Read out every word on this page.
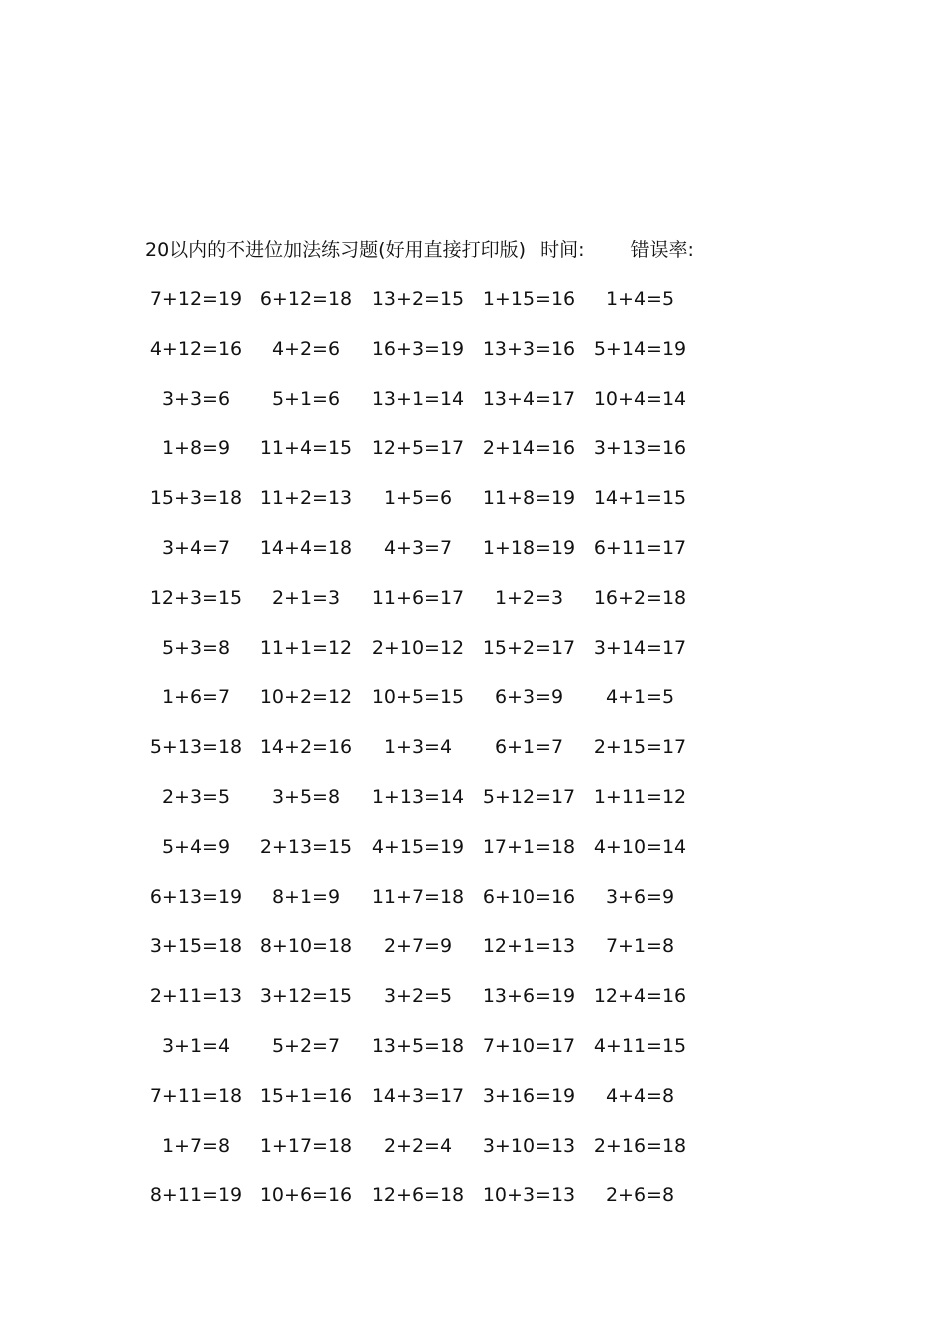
20以内的不进位加法练习题(好用直接打印版) 时间: 错误率:
7+12=19 6+12=18	13+2=15 1+15=16	1+4=5
4+12=16	4+2=6	16+3=19 13+3=16 5+14=19
3+3=6	5+1=6	13+1=14 13+4=17 10+4=14
1+8=9	11+4=15	12+5=17 2+14=16 3+13=16
15+3=18 11+2=13	1+5=6	11+8=19 14+1=15
3+4=7	14+4=18	4+3=7	1+18=19 6+11=17
12+3=15	2+1=3	11+6=17	1+2=3	16+2=18
5+3=8	11+1=12	2+10=12 15+2=17 3+14=17
1+6=7	10+2=12	10+5=15	6+3=9	4+1=5
5+13=18 14+2=16	1+3=4	6+1=7	2+15=17
2+3=5	3+5=8	1+13=14 5+12=17 1+11=12
5+4=9	2+13=15	4+15=19 17+1=18 4+10=14
6+13=19	8+1=9	11+7=18 6+10=16	3+6=9
3+15=18 8+10=18	2+7=9	12+1=13	7+1=8
2+11=13 3+12=15	3+2=5	13+6=19 12+4=16
3+1=4	5+2=7	13+5=18 7+10=17 4+11=15
7+11=18 15+1=16	14+3=17 3+16=19	4+4=8
1+7=8	1+17=18	2+2=4	3+10=13 2+16=18
8+11=19 10+6=16	12+6=18 10+3=13	2+6=8
